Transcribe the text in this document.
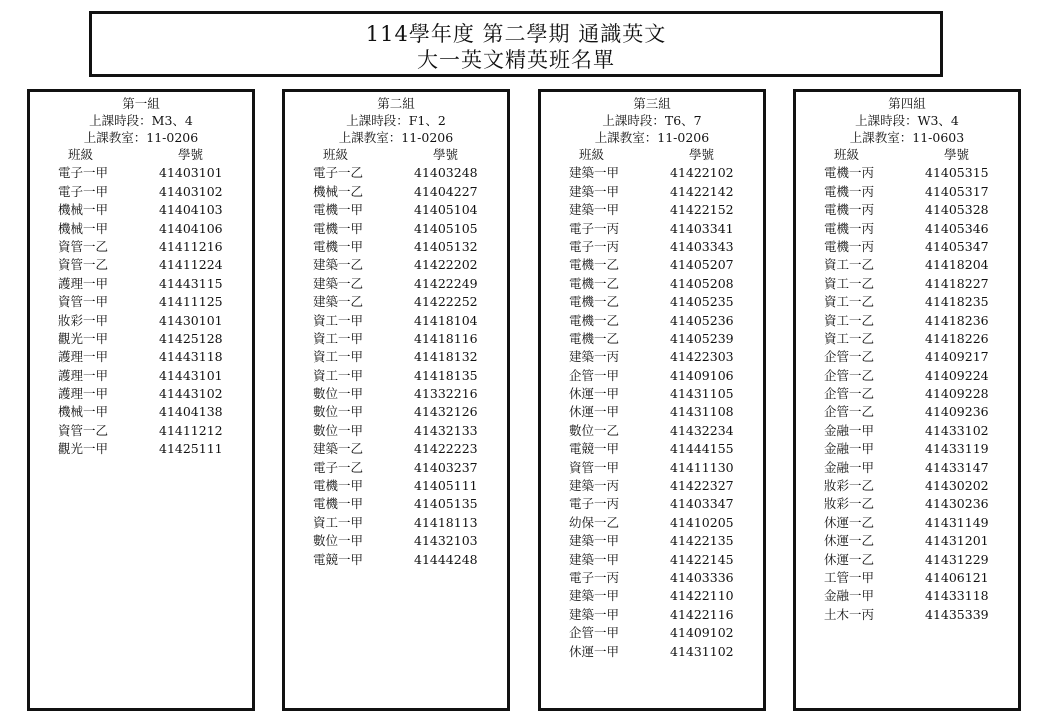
114學年度 第二學期 通識英文
大一英文精英班名單
第一組
上課時段：M3、4
上課教室：11-0206
班級	學號
電子一甲	41403101
電子一甲	41403102
機械一甲	41404103
機械一甲	41404106
資管一乙	41411216
資管一乙	41411224
護理一甲	41443115
資管一甲	41411125
妝彩一甲	41430101
觀光一甲	41425128
護理一甲	41443118
護理一甲	41443101
護理一甲	41443102
機械一甲	41404138
資管一乙	41411212
觀光一甲	41425111
第二組
上課時段：F1、2
上課教室：11-0206
班級	學號
電子一乙	41403248
機械一乙	41404227
電機一甲	41405104
電機一甲	41405105
電機一甲	41405132
建築一乙	41422202
建築一乙	41422249
建築一乙	41422252
資工一甲	41418104
資工一甲	41418116
資工一甲	41418132
資工一甲	41418135
數位一甲	41332216
數位一甲	41432126
數位一甲	41432133
建築一乙	41422223
電子一乙	41403237
電機一甲	41405111
電機一甲	41405135
資工一甲	41418113
數位一甲	41432103
電競一甲	41444248
第三組
上課時段：T6、7
上課教室：11-0206
班級	學號
建築一甲	41422102
建築一甲	41422142
建築一甲	41422152
電子一丙	41403341
電子一丙	41403343
電機一乙	41405207
電機一乙	41405208
電機一乙	41405235
電機一乙	41405236
電機一乙	41405239
建築一丙	41422303
企管一甲	41409106
休運一甲	41431105
休運一甲	41431108
數位一乙	41432234
電競一甲	41444155
資管一甲	41411130
建築一丙	41422327
電子一丙	41403347
幼保一乙	41410205
建築一甲	41422135
建築一甲	41422145
電子一丙	41403336
建築一甲	41422110
建築一甲	41422116
企管一甲	41409102
休運一甲	41431102
第四組
上課時段：W3、4
上課教室：11-0603
班級	學號
電機一丙	41405315
電機一丙	41405317
電機一丙	41405328
電機一丙	41405346
電機一丙	41405347
資工一乙	41418204
資工一乙	41418227
資工一乙	41418235
資工一乙	41418236
資工一乙	41418226
企管一乙	41409217
企管一乙	41409224
企管一乙	41409228
企管一乙	41409236
金融一甲	41433102
金融一甲	41433119
金融一甲	41433147
妝彩一乙	41430202
妝彩一乙	41430236
休運一乙	41431149
休運一乙	41431201
休運一乙	41431229
工管一甲	41406121
金融一甲	41433118
土木一丙	41435339
